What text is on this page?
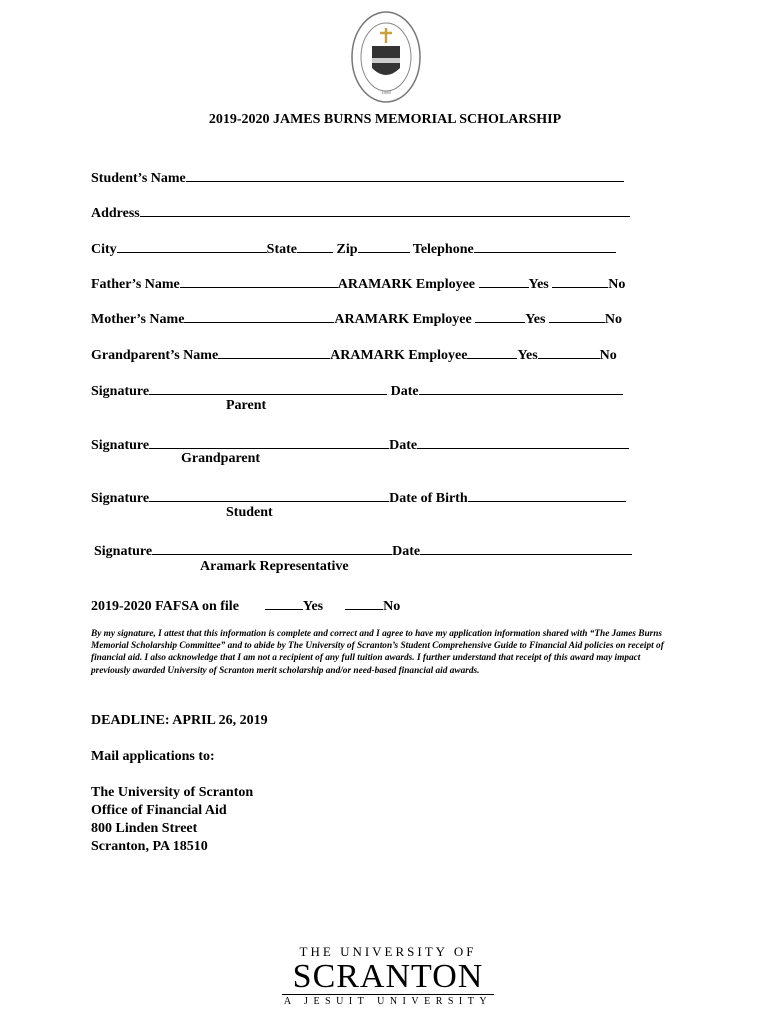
1888
2019-2020 JAMES BURNS MEMORIAL SCHOLARSHIP
Student’s Name
Address
City	State	Zip	Telephone
Father’s Name	ARAMARK Employee	Yes	No
Mother’s Name	ARAMARK Employee	Yes	No
Grandparent’s Name	ARAMARK Employee	Yes	No
Signature	Date
Parent
Signature	Date
Grandparent
Signature	Date of Birth
Student
Signature	Date
Aramark Representative
2019-2020 FAFSA on file	Yes	No
By my signature, I attest that this information is complete and correct and I agree to have my application information shared with “The James Burns Memorial Scholarship Committee” and to abide by The University of Scranton’s Student Comprehensive Guide to Financial Aid policies on receipt of financial aid. I also acknowledge that I am not a recipient of any full tuition awards. I further understand that receipt of this award may impact previously awarded University of Scranton merit scholarship and/or need-based financial aid awards.
DEADLINE: APRIL 26, 2019
Mail applications to:
The University of Scranton
Office of Financial Aid
800 Linden Street
Scranton, PA 18510
THE UNIVERSITY OF
SCRANTON
A JESUIT UNIVERSITY
